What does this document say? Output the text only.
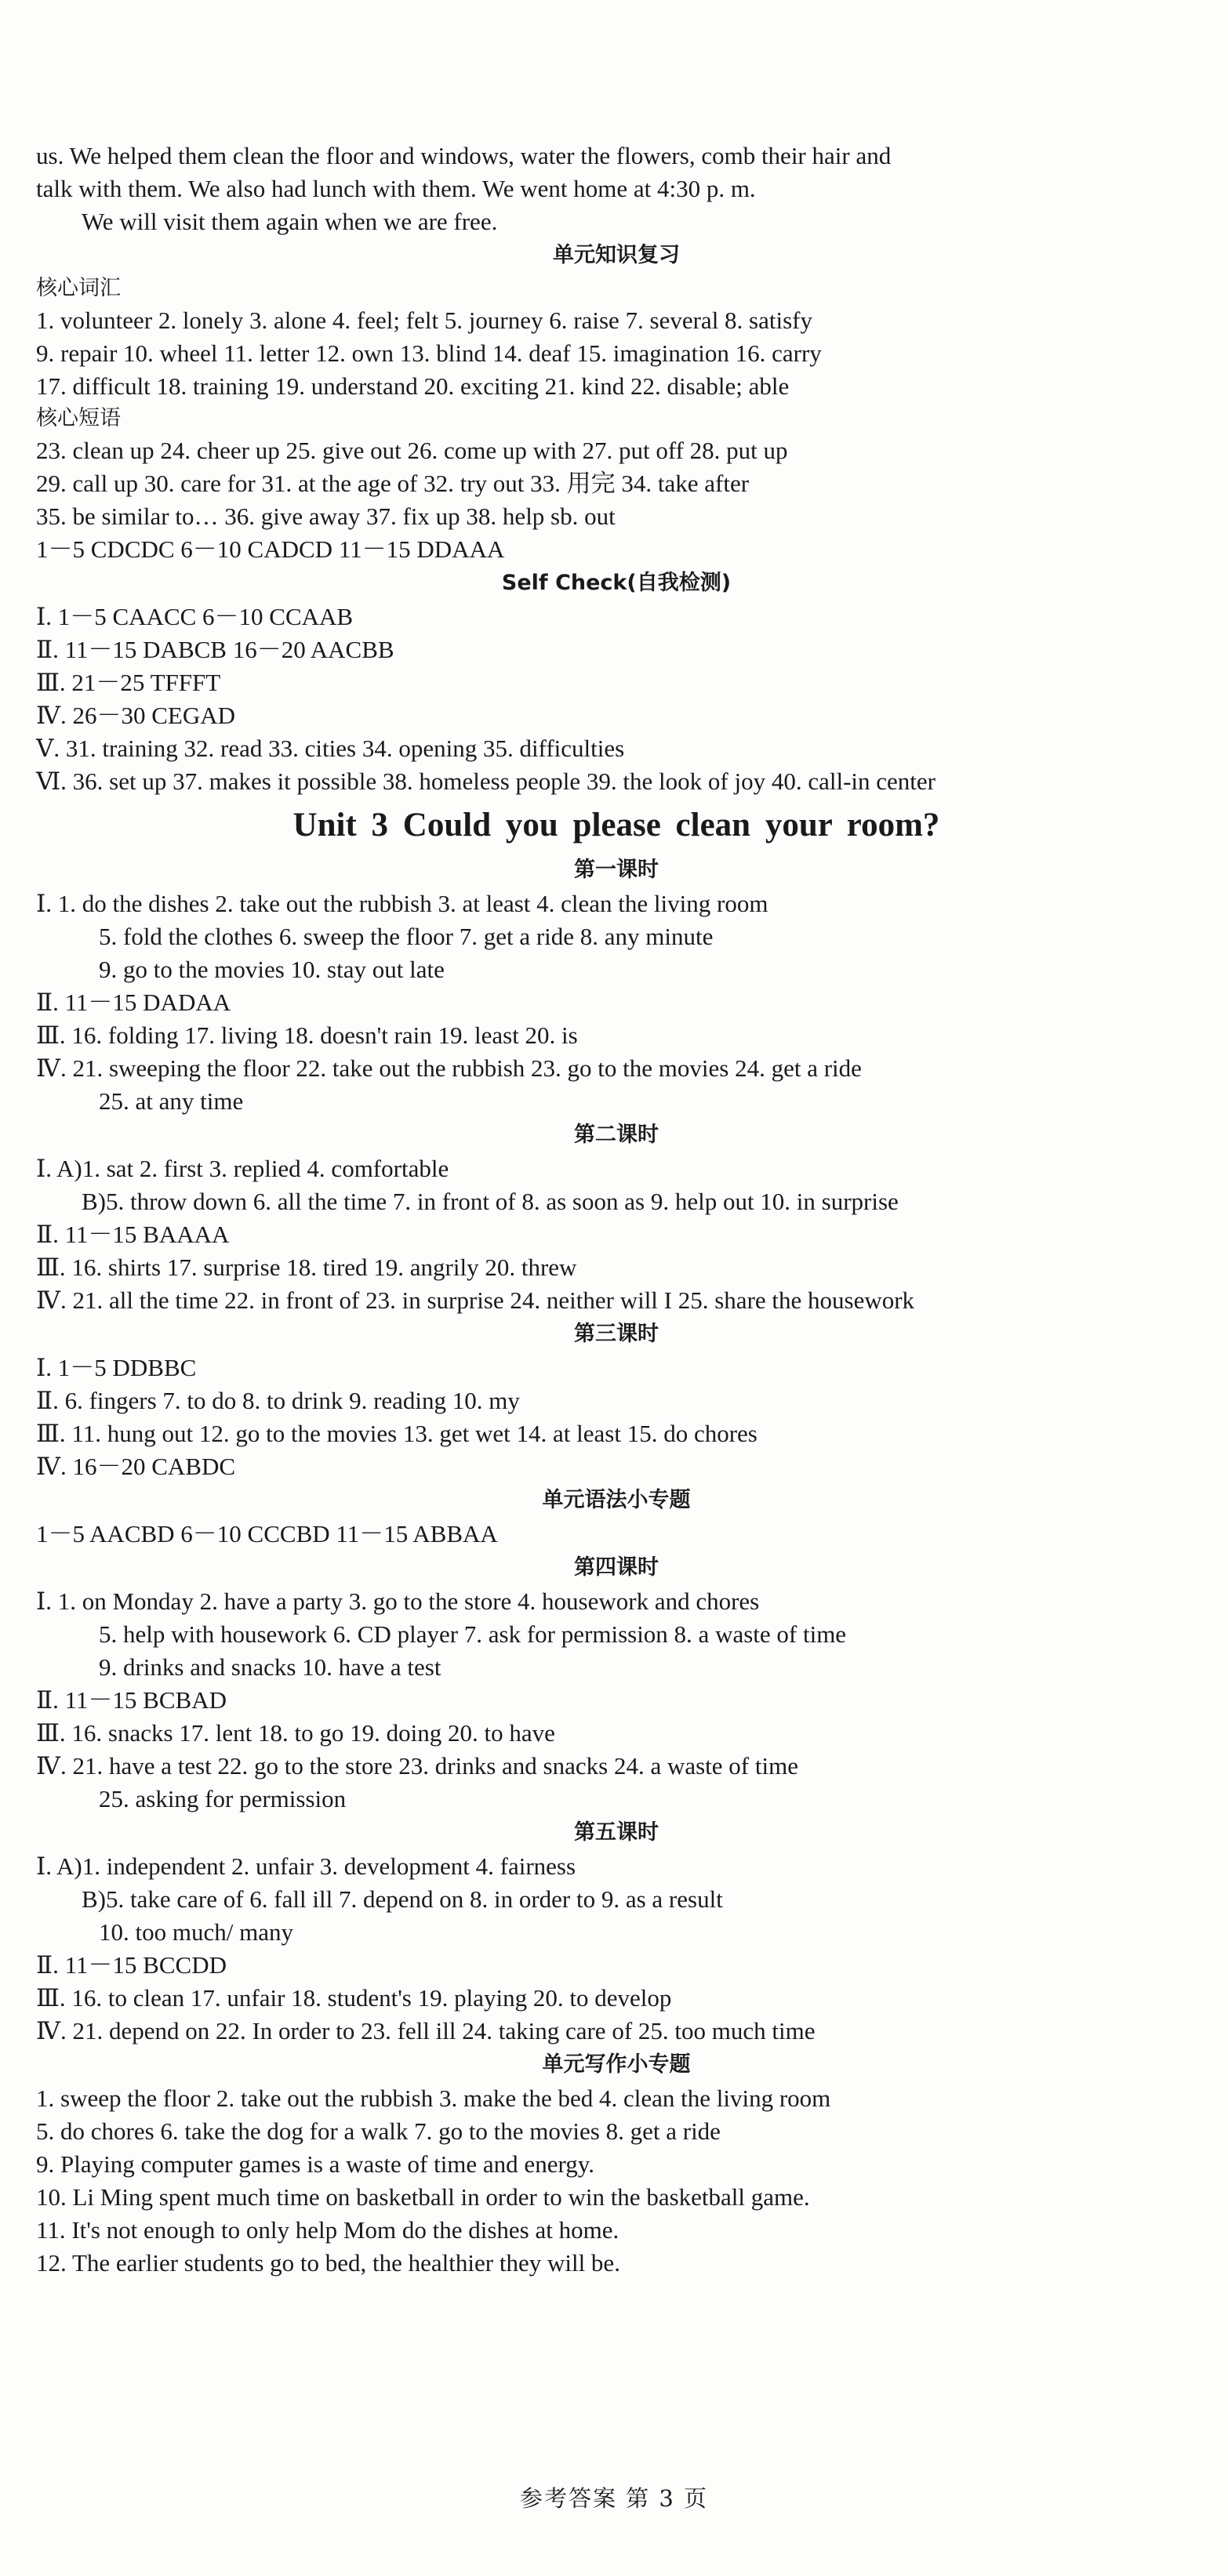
us. We helped them clean the floor and windows, water the flowers, comb their hair and
talk with them. We also had lunch with them. We went home at 4:30 p. m.
We will visit them again when we are free.
单元知识复习
核心词汇
1. volunteer 2. lonely 3. alone 4. feel; felt 5. journey 6. raise 7. several 8. satisfy
9. repair 10. wheel 11. letter 12. own 13. blind 14. deaf 15. imagination 16. carry
17. difficult 18. training 19. understand 20. exciting 21. kind 22. disable; able
核心短语
23. clean up 24. cheer up 25. give out 26. come up with 27. put off 28. put up
29. call up 30. care for 31. at the age of 32. try out 33. 用完 34. take after
35. be similar to… 36. give away 37. fix up 38. help sb. out
1－5 CDCDC 6－10 CADCD 11－15 DDAAA
Self Check(自我检测)
Ⅰ. 1－5 CAACC 6－10 CCAAB
Ⅱ. 11－15 DABCB 16－20 AACBB
Ⅲ. 21－25 TFFFT
Ⅳ. 26－30 CEGAD
Ⅴ. 31. training 32. read 33. cities 34. opening 35. difficulties
Ⅵ. 36. set up 37. makes it possible 38. homeless people 39. the look of joy 40. call-in center
Unit 3 Could you please clean your room?
第一课时
Ⅰ. 1. do the dishes 2. take out the rubbish 3. at least 4. clean the living room
5. fold the clothes 6. sweep the floor 7. get a ride 8. any minute
9. go to the movies 10. stay out late
Ⅱ. 11－15 DADAA
Ⅲ. 16. folding 17. living 18. doesn't rain 19. least 20. is
Ⅳ. 21. sweeping the floor 22. take out the rubbish 23. go to the movies 24. get a ride
25. at any time
第二课时
Ⅰ. A)1. sat 2. first 3. replied 4. comfortable
B)5. throw down 6. all the time 7. in front of 8. as soon as 9. help out 10. in surprise
Ⅱ. 11－15 BAAAA
Ⅲ. 16. shirts 17. surprise 18. tired 19. angrily 20. threw
Ⅳ. 21. all the time 22. in front of 23. in surprise 24. neither will I 25. share the housework
第三课时
Ⅰ. 1－5 DDBBC
Ⅱ. 6. fingers 7. to do 8. to drink 9. reading 10. my
Ⅲ. 11. hung out 12. go to the movies 13. get wet 14. at least 15. do chores
Ⅳ. 16－20 CABDC
单元语法小专题
1－5 AACBD 6－10 CCCBD 11－15 ABBAA
第四课时
Ⅰ. 1. on Monday 2. have a party 3. go to the store 4. housework and chores
5. help with housework 6. CD player 7. ask for permission 8. a waste of time
9. drinks and snacks 10. have a test
Ⅱ. 11－15 BCBAD
Ⅲ. 16. snacks 17. lent 18. to go 19. doing 20. to have
Ⅳ. 21. have a test 22. go to the store 23. drinks and snacks 24. a waste of time
25. asking for permission
第五课时
Ⅰ. A)1. independent 2. unfair 3. development 4. fairness
B)5. take care of 6. fall ill 7. depend on 8. in order to 9. as a result
10. too much/ many
Ⅱ. 11－15 BCCDD
Ⅲ. 16. to clean 17. unfair 18. student's 19. playing 20. to develop
Ⅳ. 21. depend on 22. In order to 23. fell ill 24. taking care of 25. too much time
单元写作小专题
1. sweep the floor 2. take out the rubbish 3. make the bed 4. clean the living room
5. do chores 6. take the dog for a walk 7. go to the movies 8. get a ride
9. Playing computer games is a waste of time and energy.
10. Li Ming spent much time on basketball in order to win the basketball game.
11. It's not enough to only help Mom do the dishes at home.
12. The earlier students go to bed, the healthier they will be.
参考答案 第 3 页
